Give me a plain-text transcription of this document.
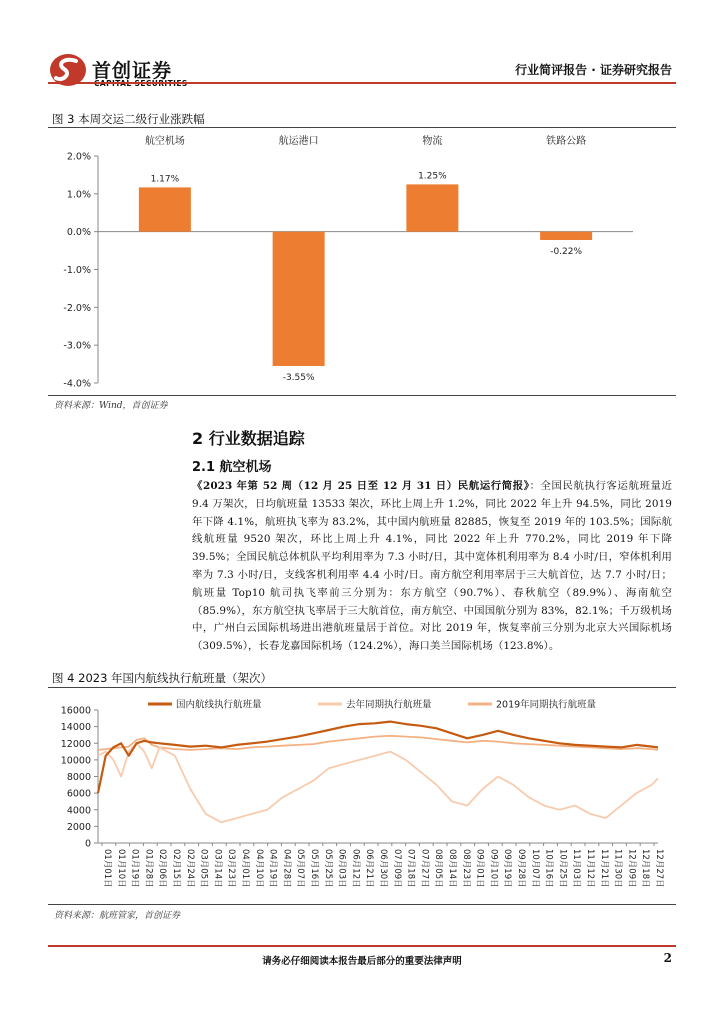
首创证券	行业简评报告 · 证券研究报告
图 3 本周交运二级行业涨跌幅
2.0%
1.0%
0.0%
-1.0%
-2.0%
-3.0%
-4.0%
航空机场
1.17%
航运港口
-3.55%
物流
1.25%
铁路公路
-0.22%
资料来源：Wind，首创证券
2 行业数据追踪
2.1 航空机场
《2023 年第 52 周（12 月 25 日至 12 月 31 日）民航运行简报》：全国民航执行客运航班量近 9.4 万架次，日均航班量 13533 架次，环比上周上升 1.2%，同比 2022 年上升 94.5%，同比 2019 年下降 4.1%，航班执飞率为 83.2%，其中国内航班量 82885，恢复至 2019 年的 103.5%；国际航线航班量 9520 架次，环比上周上升 4.1%，同比 2022 年上升 770.2%，同比 2019 年下降 39.5%；全国民航总体机队平均利用率为 7.3 小时/日，其中宽体机利用率为 8.4 小时/日，窄体机利用率为 7.3 小时/日，支线客机利用率 4.4 小时/日。南方航空利用率居于三大航首位，达 7.7 小时/日；航班量 Top10 航司执飞率前三分别为：东方航空（90.7%）、春秋航空（89.9%）、海南航空（85.9%），东方航空执飞率居于三大航首位，南方航空、中国国航分别为 83%，82.1%；千万级机场中，广州白云国际机场进出港航班量居于首位。对比 2019 年，恢复率前三分别为北京大兴国际机场（309.5%），长春龙嘉国际机场（124.2%），海口美兰国际机场（123.8%）。
图 4 2023 年国内航线执行航班量（架次）
国内航线执行航班量	去年同期执行航班量	2019年同期执行航班量
0
2000
4000
6000
8000
10000
12000
14000
16000
01月01日 01月10日 01月19日 01月28日 02月06日 02月15日 02月24日 03月05日 03月14日 03月23日 04月01日 04月10日 04月19日 04月28日 05月07日 05月16日 05月25日 06月03日 06月12日 06月21日 06月30日 07月09日 07月18日 07月27日 08月05日 08月14日 08月23日 09月01日 09月10日 09月19日 09月28日 10月07日 10月16日 10月25日 11月03日 11月12日 11月21日 11月30日 12月09日 12月18日 12月27日
资料来源：航班管家，首创证券
请务必仔细阅读本报告最后部分的重要法律声明	2
